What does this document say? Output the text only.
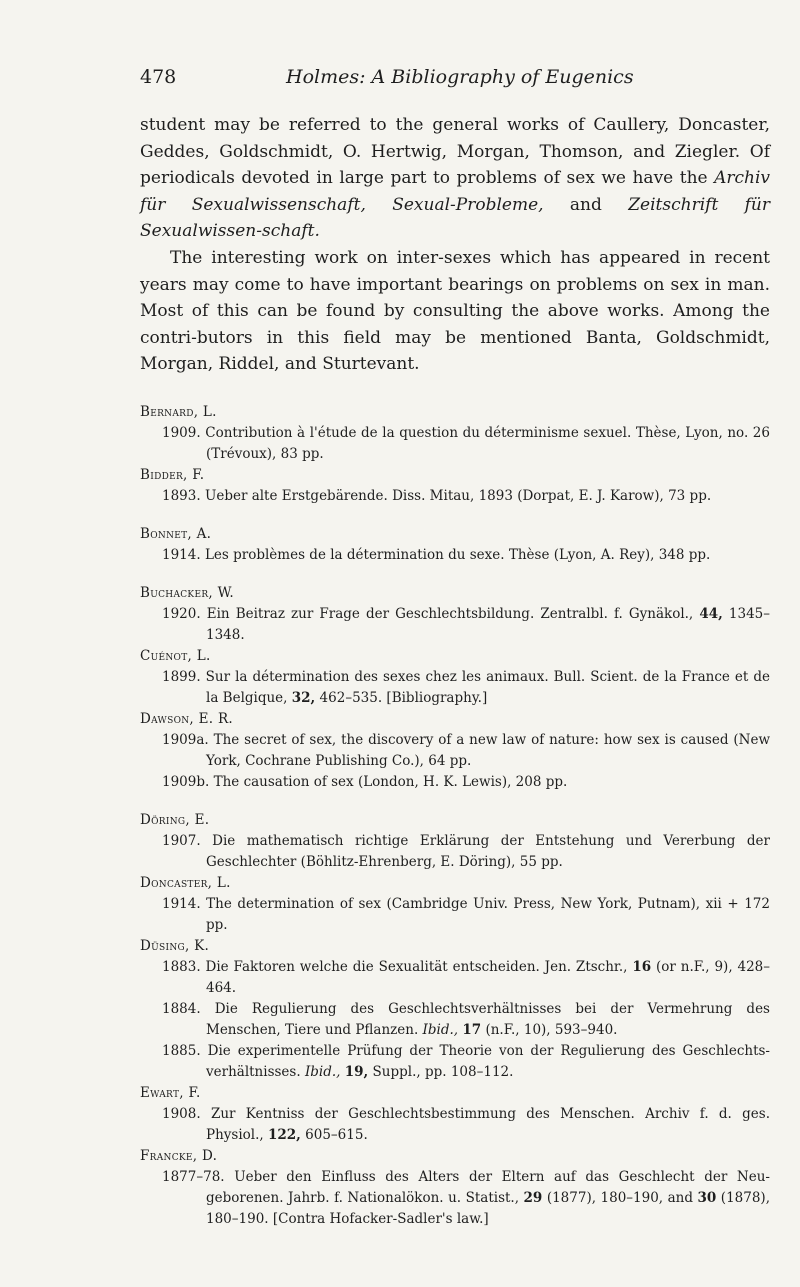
478	Holmes: A Bibliography of Eugenics

student may be referred to the general works of Caullery, Doncaster, Geddes, Goldschmidt, O. Hertwig, Morgan, Thomson, and Ziegler. Of periodicals devoted in large part to problems of sex we have the Archiv für Sexualwissenschaft, Sexual-Probleme, and Zeitschrift für Sexualwissen-schaft.

The interesting work on inter-sexes which has appeared in recent years may come to have important bearings on problems on sex in man. Most of this can be found by consulting the above works. Among the contri-butors in this field may be mentioned Banta, Goldschmidt, Morgan, Riddel, and Sturtevant.

Bernard, L.

1909. Contribution à l'étude de la question du déterminisme sexuel. Thèse, Lyon, no. 26 (Trévoux), 83 pp.

Bidder, F.

1893. Ueber alte Erstgebärende. Diss. Mitau, 1893 (Dorpat, E. J. Karow), 73 pp.

Bonnet, A.

1914. Les problèmes de la détermination du sexe. Thèse (Lyon, A. Rey), 348 pp.

Buchacker, W.

1920. Ein Beitraz zur Frage der Geschlechtsbildung. Zentralbl. f. Gynäkol., 44, 1345–1348.

Cuénot, L.

1899. Sur la détermination des sexes chez les animaux. Bull. Scient. de la France et de la Belgique, 32, 462–535. [Bibliography.]

Dawson, E. R.

1909a. The secret of sex, the discovery of a new law of nature: how sex is caused (New York, Cochrane Publishing Co.), 64 pp.

1909b. The causation of sex (London, H. K. Lewis), 208 pp.

Döring, E.

1907. Die mathematisch richtige Erklärung der Entstehung und Vererbung der Geschlechter (Böhlitz-Ehrenberg, E. Döring), 55 pp.

Doncaster, L.

1914. The determination of sex (Cambridge Univ. Press, New York, Putnam), xii + 172 pp.

Düsing, K.

1883. Die Faktoren welche die Sexualität entscheiden. Jen. Ztschr., 16 (or n.F., 9), 428–464.

1884. Die Regulierung des Geschlechtsverhältnisses bei der Vermehrung des Menschen, Tiere und Pflanzen. Ibid., 17 (n.F., 10), 593–940.

1885. Die experimentelle Prüfung der Theorie von der Regulierung des Geschlechts-verhältnisses. Ibid., 19, Suppl., pp. 108–112.

Ewart, F.

1908. Zur Kentniss der Geschlechtsbestimmung des Menschen. Archiv f. d. ges. Physiol., 122, 605–615.

Francke, D.

1877–78. Ueber den Einfluss des Alters der Eltern auf das Geschlecht der Neu-geborenen. Jahrb. f. Nationalökon. u. Statist., 29 (1877), 180–190, and 30 (1878), 180–190. [Contra Hofacker-Sadler's law.]
